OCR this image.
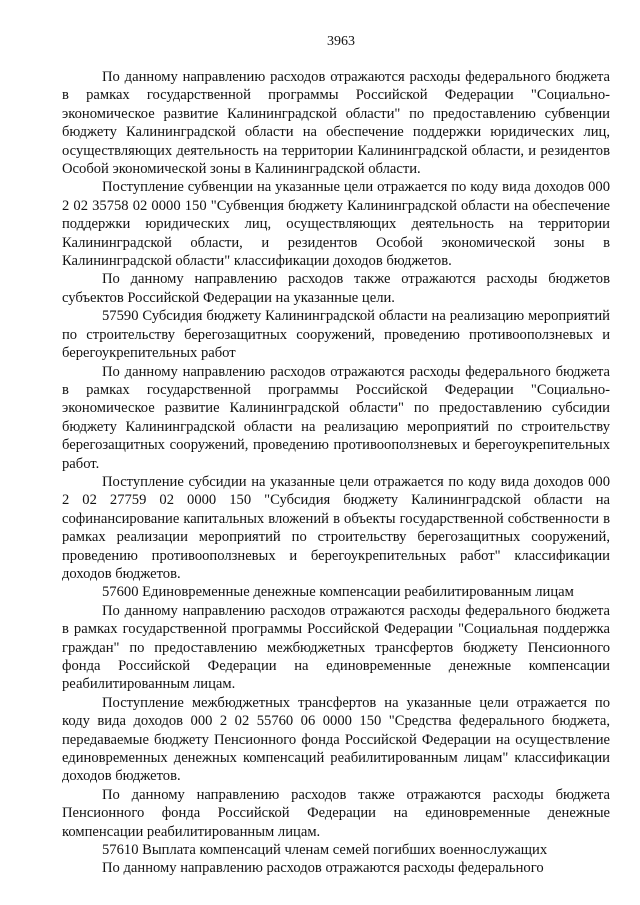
3963

По данному направлению расходов отражаются расходы федерального бюджета в рамках государственной программы Российской Федерации "Социально-экономическое развитие Калининградской области" по предоставлению субвенции бюджету Калининградской области на обеспечение поддержки юридических лиц, осуществляющих деятельность на территории Калининградской области, и резидентов Особой экономической зоны в Калининградской области.

Поступление субвенции на указанные цели отражается по коду вида доходов 000 2 02 35758 02 0000 150 "Субвенция бюджету Калининградской области на обеспечение поддержки юридических лиц, осуществляющих деятельность на территории Калининградской области, и резидентов Особой экономической зоны в Калининградской области" классификации доходов бюджетов.

По данному направлению расходов также отражаются расходы бюджетов субъектов Российской Федерации на указанные цели.

57590 Субсидия бюджету Калининградской области на реализацию мероприятий по строительству берегозащитных сооружений, проведению противооползневых и берегоукрепительных работ

По данному направлению расходов отражаются расходы федерального бюджета в рамках государственной программы Российской Федерации "Социально-экономическое развитие Калининградской области" по предоставлению субсидии бюджету Калининградской области на реализацию мероприятий по строительству берегозащитных сооружений, проведению противооползневых и берегоукрепительных работ.

Поступление субсидии на указанные цели отражается по коду вида доходов 000 2 02 27759 02 0000 150 "Субсидия бюджету Калининградской области на софинансирование капитальных вложений в объекты государственной собственности в рамках реализации мероприятий по строительству берегозащитных сооружений, проведению противооползневых и берегоукрепительных работ" классификации доходов бюджетов.

57600 Единовременные денежные компенсации реабилитированным лицам

По данному направлению расходов отражаются расходы федерального бюджета в рамках государственной программы Российской Федерации "Социальная поддержка граждан" по предоставлению межбюджетных трансфертов бюджету Пенсионного фонда Российской Федерации на единовременные денежные компенсации реабилитированным лицам.

Поступление межбюджетных трансфертов на указанные цели отражается по коду вида доходов 000 2 02 55760 06 0000 150 "Средства федерального бюджета, передаваемые бюджету Пенсионного фонда Российской Федерации на осуществление единовременных денежных компенсаций реабилитированным лицам" классификации доходов бюджетов.

По данному направлению расходов также отражаются расходы бюджета Пенсионного фонда Российской Федерации на единовременные денежные компенсации реабилитированным лицам.

57610 Выплата компенсаций членам семей погибших военнослужащих

По данному направлению расходов отражаются расходы федерального
